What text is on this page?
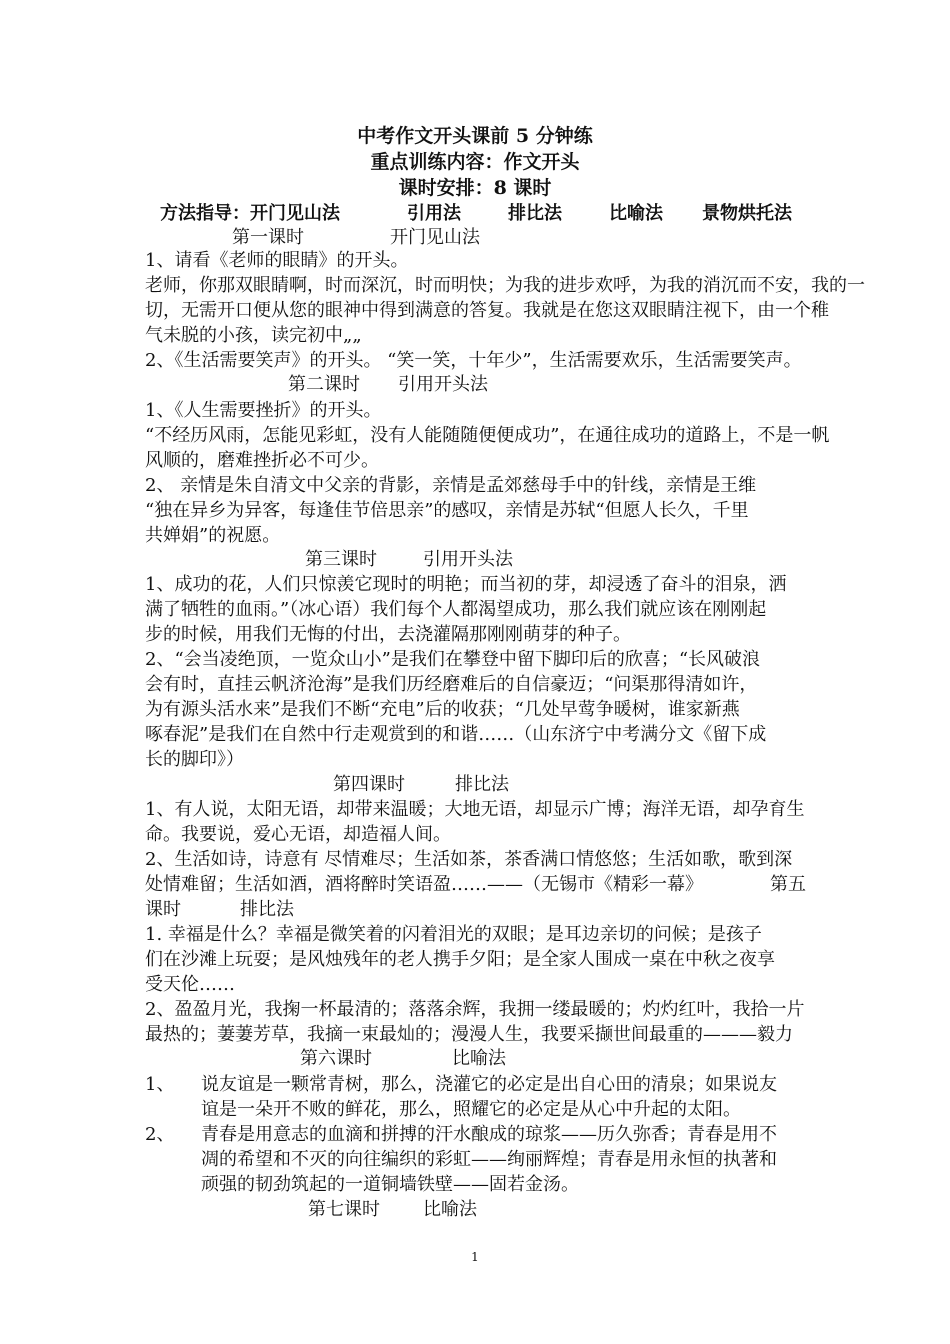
中考作文开头课前 5 分钟练
重点训练内容：作文开头
课时安排：8 课时
方法指导：开门见山法	引用法	排比法	比喻法 景物烘托法
第一课时	开门见山法
1、请看《老师的眼睛》的开头。
老师，你那双眼睛啊，时而深沉，时而明快；为我的进步欢呼，为我的消沉而不安，我的一
切，无需开口便从您的眼神中得到满意的答复。我就是在您这双眼睛注视下，由一个稚
气未脱的小孩，读完初中„„
2、《生活需要笑声》的开头。 “笑一笑，十年少”，生活需要欢乐，生活需要笑声。
第二课时 引用开头法
1、《人生需要挫折》的开头。
“不经历风雨，怎能见彩虹，没有人能随随便便成功”，在通往成功的道路上，不是一帆
风顺的，磨难挫折必不可少。
2、 亲情是朱自清文中父亲的背影，亲情是孟郊慈母手中的针线，亲情是王维
“独在异乡为异客，每逢佳节倍思亲”的感叹，亲情是苏轼“但愿人长久，千里
共婵娟”的祝愿。
第三课时	引用开头法
1、成功的花，人们只惊羡它现时的明艳；而当初的芽，却浸透了奋斗的泪泉，洒
满了牺牲的血雨。”（冰心语）我们每个人都渴望成功，那么我们就应该在刚刚起
步的时候，用我们无悔的付出，去浇灌隔那刚刚萌芽的种子。
2、“会当凌绝顶，一览众山小”是我们在攀登中留下脚印后的欣喜；“长风破浪
会有时，直挂云帆济沧海”是我们历经磨难后的自信豪迈；“问渠那得清如许，
为有源头活水来”是我们不断“充电”后的收获；“几处早莺争暖树，谁家新燕
啄春泥”是我们在自然中行走观赏到的和谐……（山东济宁中考满分文《留下成
长的脚印》）
第四课时	排比法
1、有人说，太阳无语，却带来温暖；大地无语，却显示广博；海洋无语，却孕育生
命。我要说，爱心无语，却造福人间。
2、生活如诗，诗意有 尽情难尽；生活如茶，茶香满口情悠悠；生活如歌，歌到深
处情难留；生活如酒，酒将醉时笑语盈……——（无锡市《精彩一幕》	第五
课时	排比法
1. 幸福是什么？幸福是微笑着的闪着泪光的双眼；是耳边亲切的问候；是孩子
们在沙滩上玩耍；是风烛残年的老人携手夕阳；是全家人围成一桌在中秋之夜享
受天伦……
2、盈盈月光，我掬一杯最清的；落落余辉，我拥一缕最暖的；灼灼红叶，我拾一片
最热的；萋萋芳草，我摘一束最灿的；漫漫人生，我要采撷世间最重的———毅力
第六课时	比喻法
1、 说友谊是一颗常青树，那么，浇灌它的必定是出自心田的清泉；如果说友
谊是一朵开不败的鲜花，那么，照耀它的必定是从心中升起的太阳。
2、 青春是用意志的血滴和拼搏的汗水酿成的琼浆——历久弥香；青春是用不
凋的希望和不灭的向往编织的彩虹——绚丽辉煌；青春是用永恒的执著和
顽强的韧劲筑起的一道铜墙铁壁——固若金汤。
第七课时 比喻法
1
